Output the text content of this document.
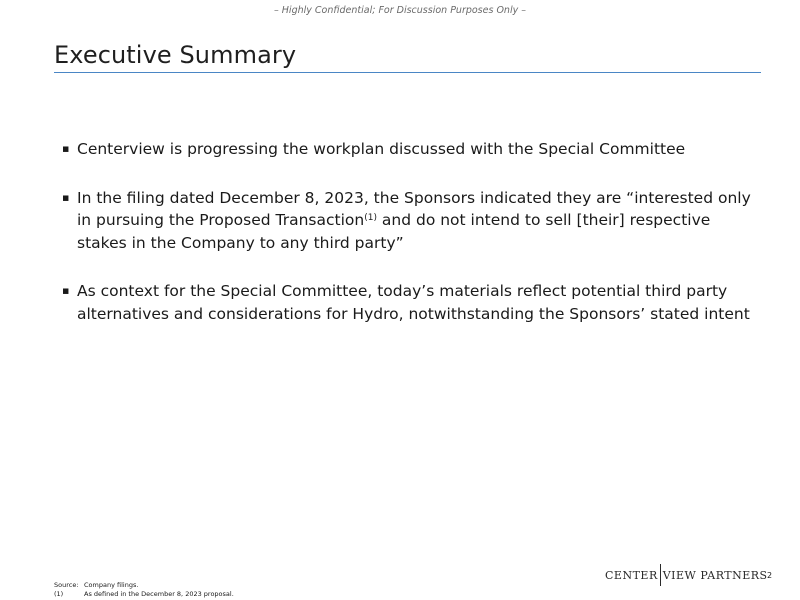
– Highly Confidential; For Discussion Purposes Only –
Executive Summary
▪ Centerview is progressing the workplan discussed with the Special Committee
▪ In the filing dated December 8, 2023, the Sponsors indicated they are “interested only in pursuing the Proposed Transaction$^{(1)}$ and do not intend to sell [their] respective stakes in the Company to any third party”
▪ As context for the Special Committee, today’s materials reflect potential third party alternatives and considerations for Hydro, notwithstanding the Sponsors’ stated intent
Source: Company filings.
(1)	As defined in the December 8, 2023 proposal.
CENTER VIEW PARTNERS 2
